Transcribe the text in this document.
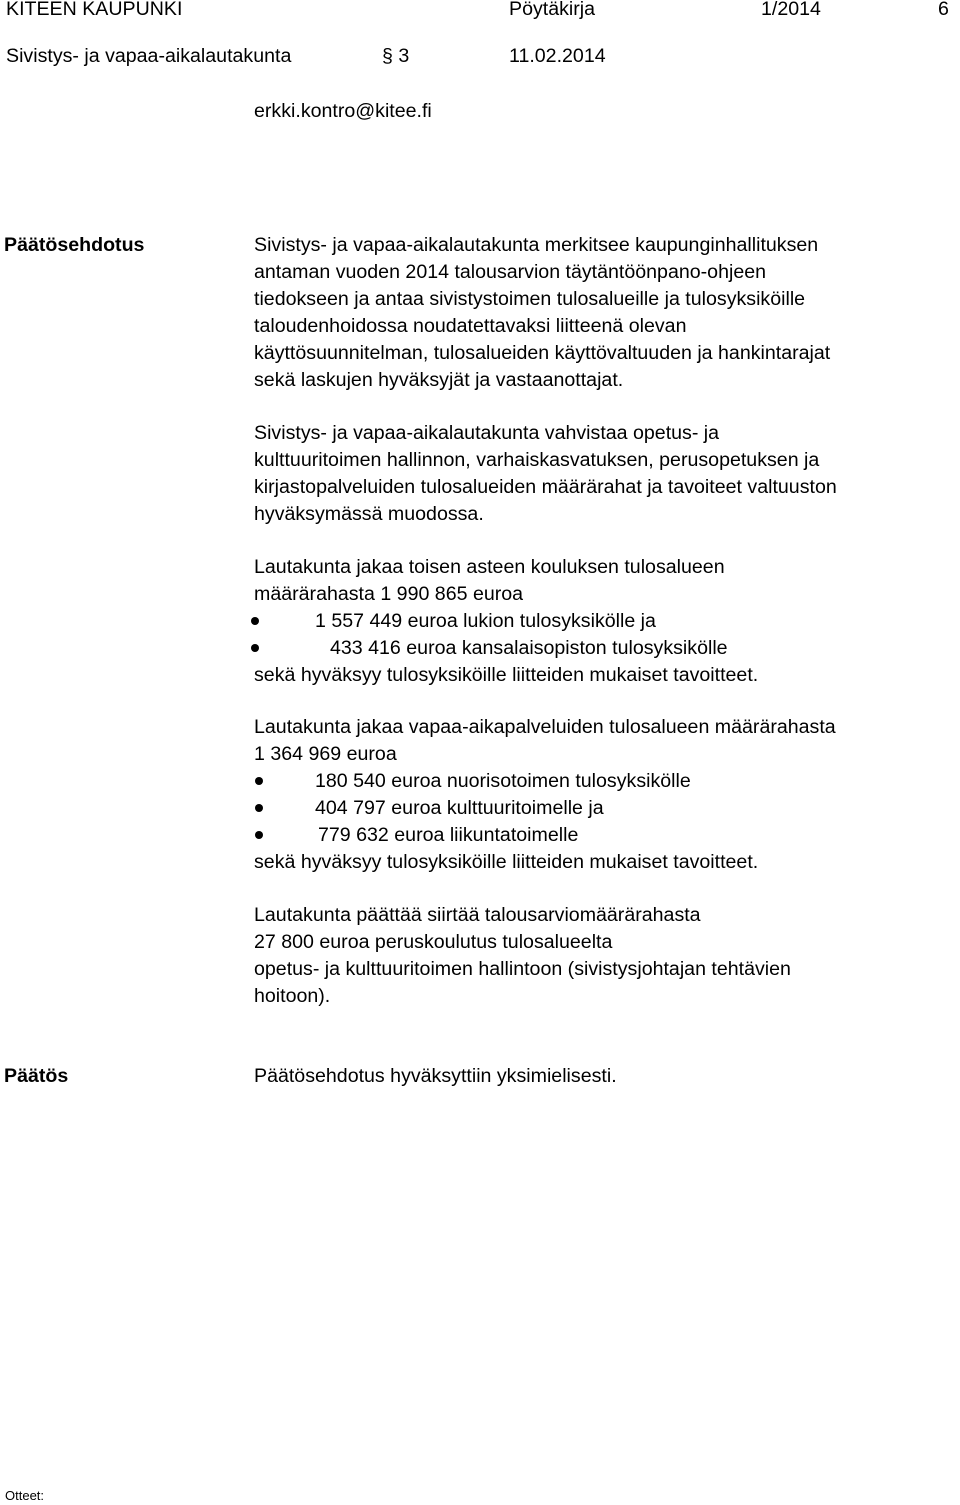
KITEEN KAUPUNKI	Pöytäkirja	1/2014	6
Sivistys- ja vapaa-aikalautakunta	§ 3	11.02.2014
erkki.kontro@kitee.fi
Päätösehdotus	Sivistys- ja vapaa-aikalautakunta merkitsee kaupunginhallituksen
antaman vuoden 2014 talousarvion täytäntöönpano-ohjeen
tiedokseen ja antaa sivistystoimen tulosalueille ja tulosyksiköille
taloudenhoidossa noudatettavaksi liitteenä olevan
käyttösuunnitelman, tulosalueiden käyttövaltuuden ja hankintarajat
sekä laskujen hyväksyjät ja vastaanottajat.
Sivistys- ja vapaa-aikalautakunta vahvistaa opetus- ja
kulttuuritoimen hallinnon, varhaiskasvatuksen, perusopetuksen ja
kirjastopalveluiden tulosalueiden määrärahat ja tavoiteet valtuuston
hyväksymässä muodossa.
Lautakunta jakaa toisen asteen kouluksen tulosalueen
määrärahasta 1 990 865 euroa
1 557 449 euroa lukion tulosyksikölle ja
433 416 euroa kansalaisopiston tulosyksikölle
sekä hyväksyy tulosyksiköille liitteiden mukaiset tavoitteet.
Lautakunta jakaa vapaa-aikapalveluiden tulosalueen määrärahasta
1 364 969 euroa
180 540 euroa nuorisotoimen tulosyksikölle
404 797 euroa kulttuuritoimelle ja
779 632 euroa liikuntatoimelle
sekä hyväksyy tulosyksiköille liitteiden mukaiset tavoitteet.
Lautakunta päättää siirtää talousarviomäärärahasta
27 800 euroa peruskoulutus tulosalueelta
opetus- ja kulttuuritoimen hallintoon (sivistysjohtajan tehtävien
hoitoon).
Päätös	Päätösehdotus hyväksyttiin yksimielisesti.
Otteet:
